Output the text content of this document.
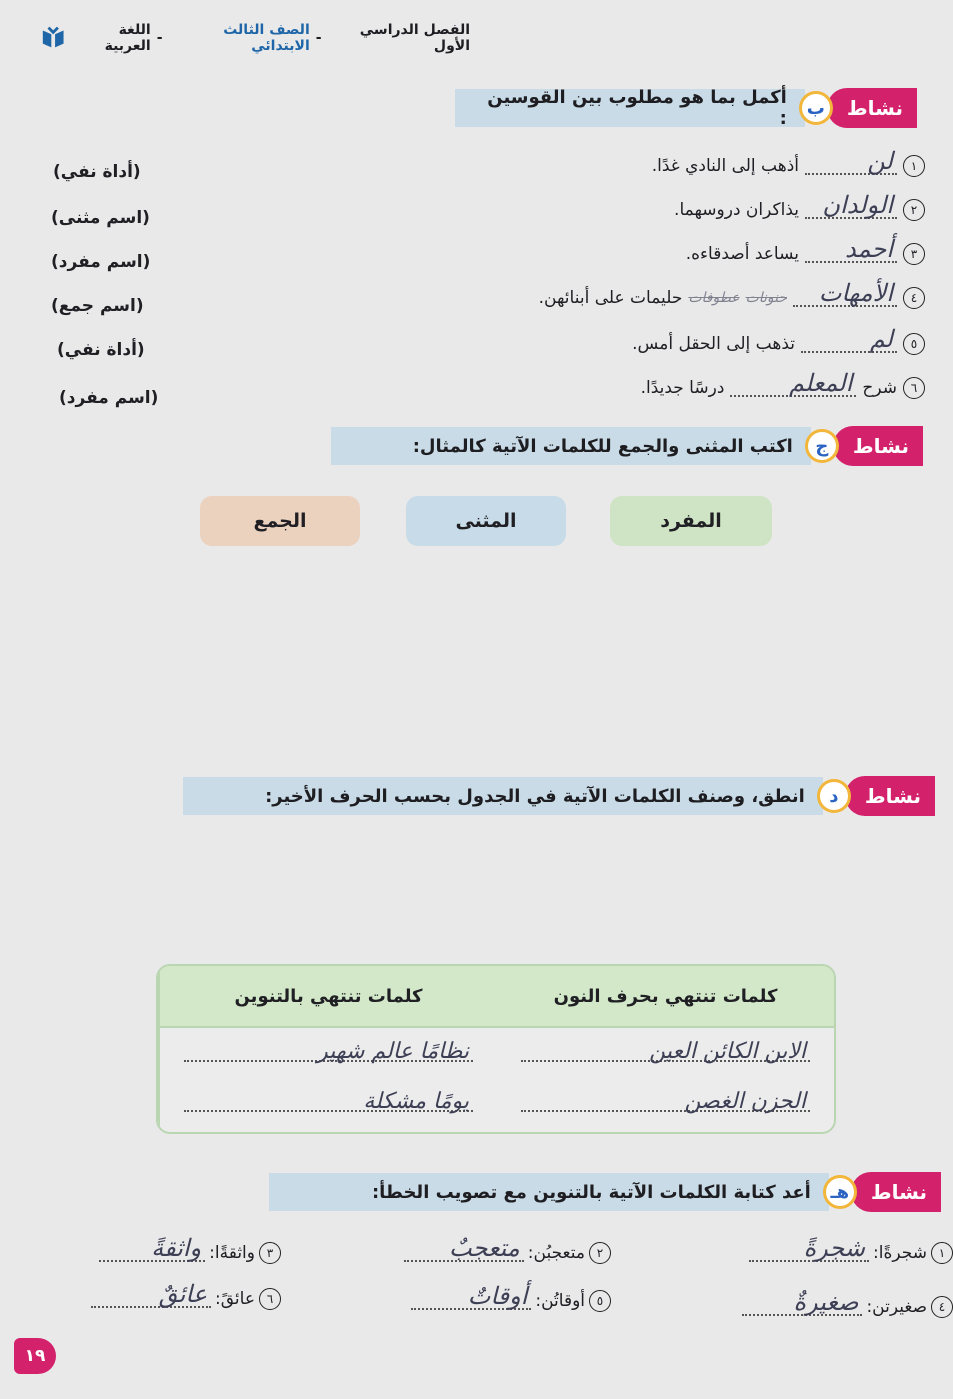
الفصل الدراسي الأول
-
الصف الثالث الابتدائي
-
اللغة العربية
نشاط
ب
أكمل بما هو مطلوب بين القوسين :
١
لن
أذهب إلى النادي غدًا.
(أداة نفي)
٢
الولدان
يذاكران دروسهما.
(اسم مثنى)
٣
أحمد
يساعد أصدقاءه.
(اسم مفرد)
٤
الأمهات
حنونات
عطوفات
حليمات على أبنائهن.
(اسم جمع)
٥
لم
تذهب إلى الحقل أمس.
(أداة نفي)
٦
شرح
المعلم
درسًا جديدًا.
(اسم مفرد)
نشاط
ج
اكتب المثنى والجمع للكلمات الآتية كالمثال:
المفرد
المثنى
الجمع
نشاط
د
انطق، وصنف الكلمات الآتية في الجدول بحسب الحرف الأخير:
كلمات تنتهي بحرف النون
كلمات تنتهي بالتنوين
الابن الكائن العين
نظامًا عالم شهير
الحزن الغصن
يومًا مشكلة
نشاط
هـ
أعد كتابة الكلمات الآتية بالتنوين مع تصويب الخطأ:
١
شجرةًا:
شجرةً
٢
متعجبُن:
متعجبٌ
٣
واثقةًا:
واثقةً
٤
صغيرتن:
صغيرةٌ
٥
أوقاتُن:
أوقاتٌ
٦
عائقً:
عائقٌ
١٩
